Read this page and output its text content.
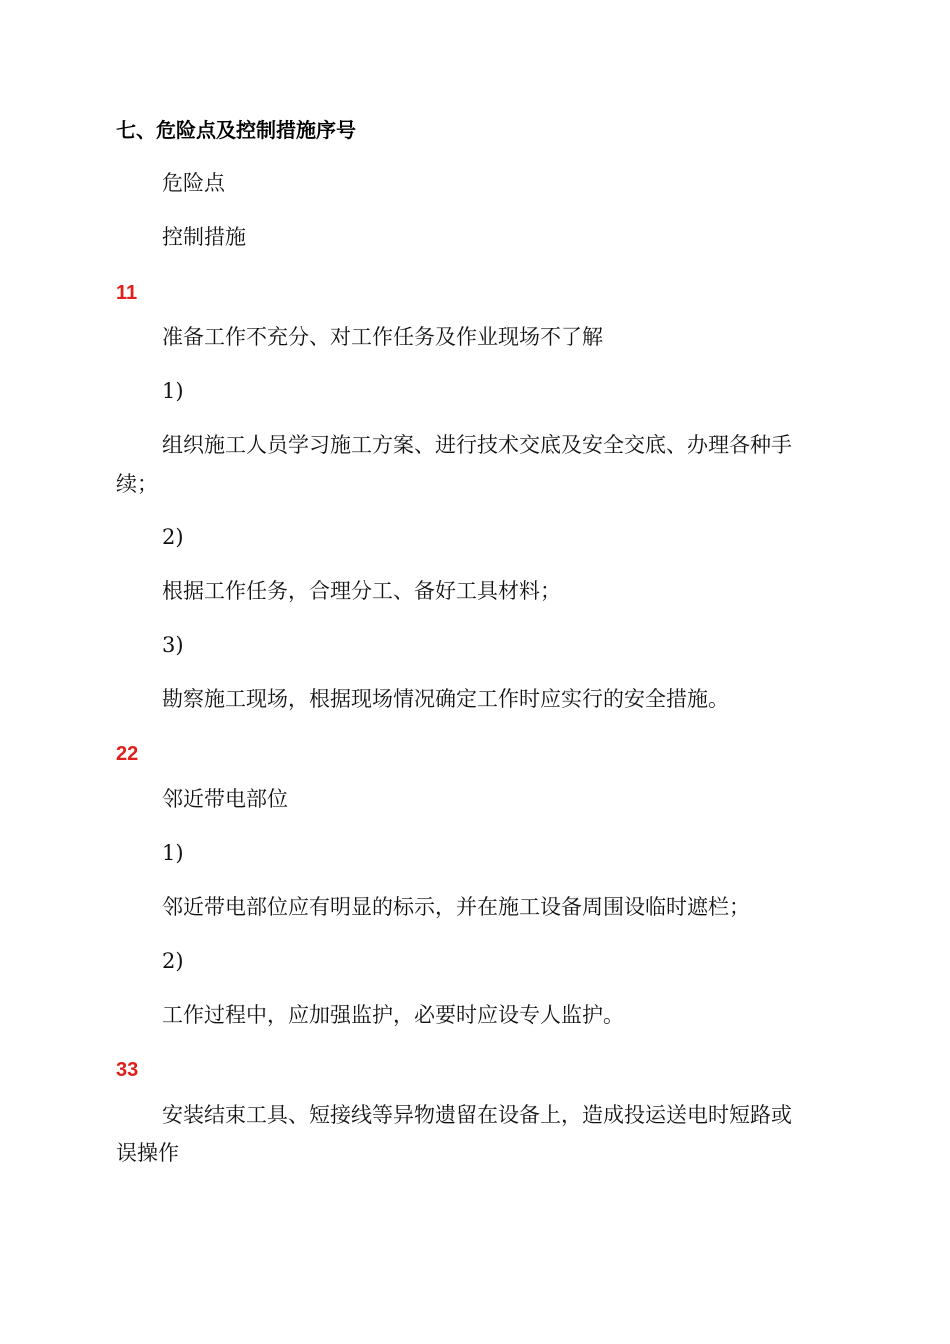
七、危险点及控制措施序号
危险点
控制措施
11
准备工作不充分、对工作任务及作业现场不了解
1)
组织施工人员学习施工方案、进行技术交底及安全交底、办理各种手
续；
2)
根据工作任务，合理分工、备好工具材料；
3)
勘察施工现场，根据现场情况确定工作时应实行的安全措施。
22
邻近带电部位
1)
邻近带电部位应有明显的标示，并在施工设备周围设临时遮栏；
2)
工作过程中，应加强监护，必要时应设专人监护。
33
安装结束工具、短接线等异物遗留在设备上，造成投运送电时短路或
误操作
